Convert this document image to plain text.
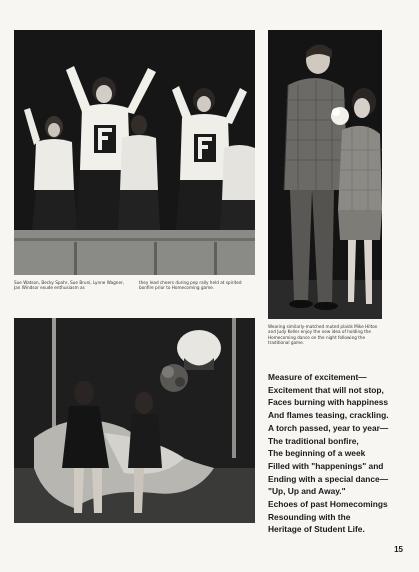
Sue Watson, Becky Spahr, Sue Bruni, Lynne Wagner, Jan Windsor exude enthusiasm as

they lead cheers during pep rally held at spirited bonfire prior to Homecoming game.

Wearing similarly-matched muted plaids Mike Hilton and Judy Keller enjoy the new idea of holding the Homecoming dance on the night following the traditional game.

Measure of excitement—
Excitement that will not stop,
Faces burning with happiness
And flames teasing, crackling.
A torch passed, year to year—
The traditional bonfire,
The beginning of a week
Filled with "happenings" and
Ending with a special dance—
"Up, Up and Away."
Echoes of past Homecomings
Resounding with the
Heritage of Student Life.
15
